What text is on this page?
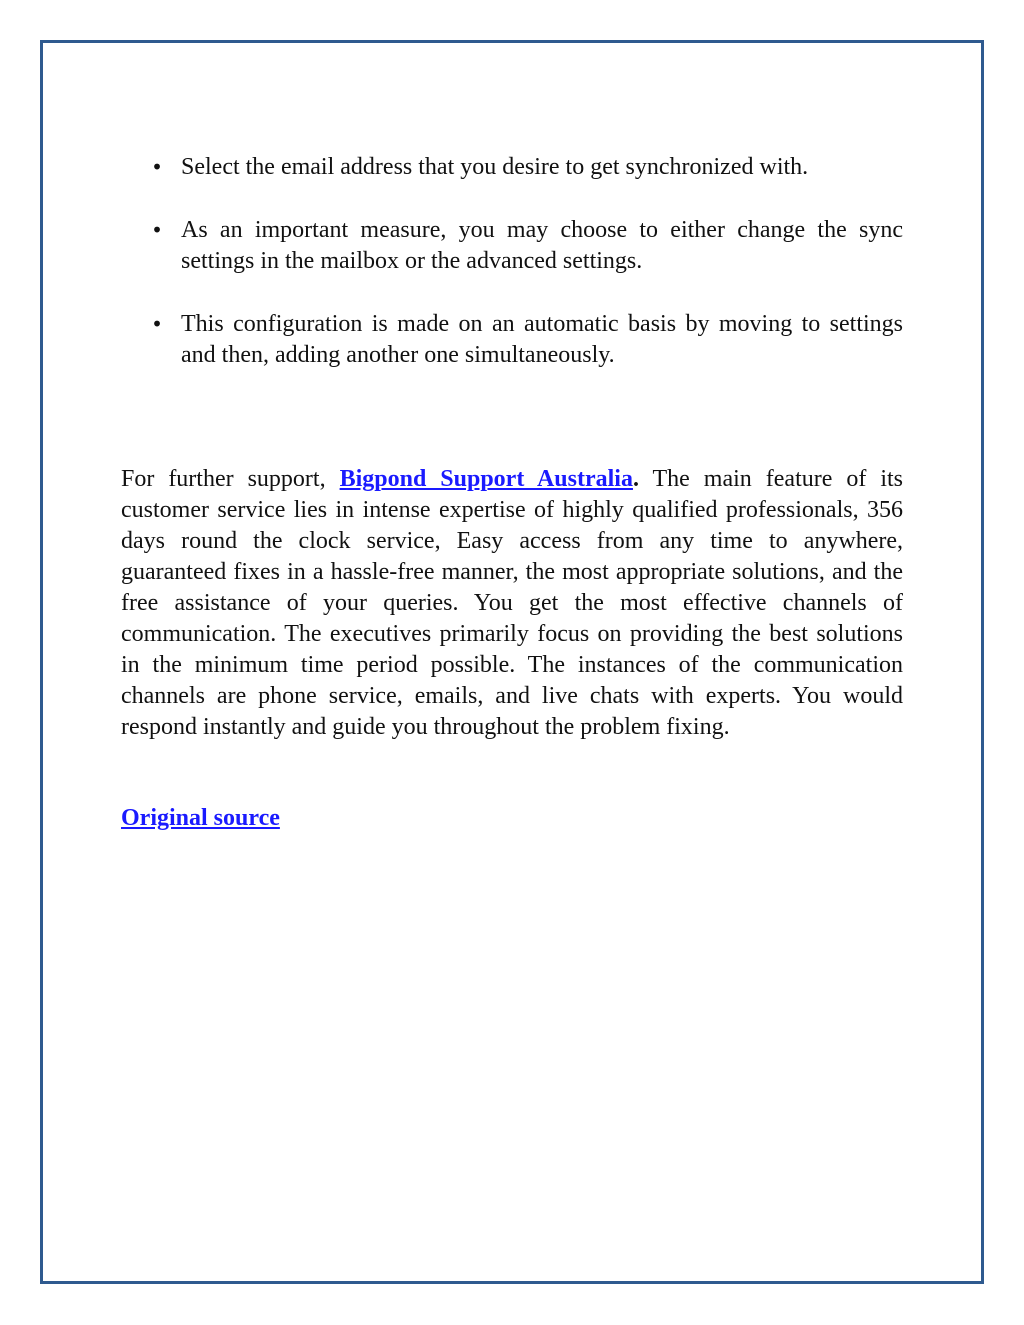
• Select the email address that you desire to get synchronized with.
• As an important measure, you may choose to either change the sync settings in the mailbox or the advanced settings.
• This configuration is made on an automatic basis by moving to settings and then, adding another one simultaneously.

For further support, Bigpond Support Australia. The main feature of its customer service lies in intense expertise of highly qualified professionals, 356 days round the clock service, Easy access from any time to anywhere, guaranteed fixes in a hassle-free manner, the most appropriate solutions, and the free assistance of your queries. You get the most effective channels of communication. The executives primarily focus on providing the best solutions in the minimum time period possible. The instances of the communication channels are phone service, emails, and live chats with experts. You would respond instantly and guide you throughout the problem fixing.

Original source
